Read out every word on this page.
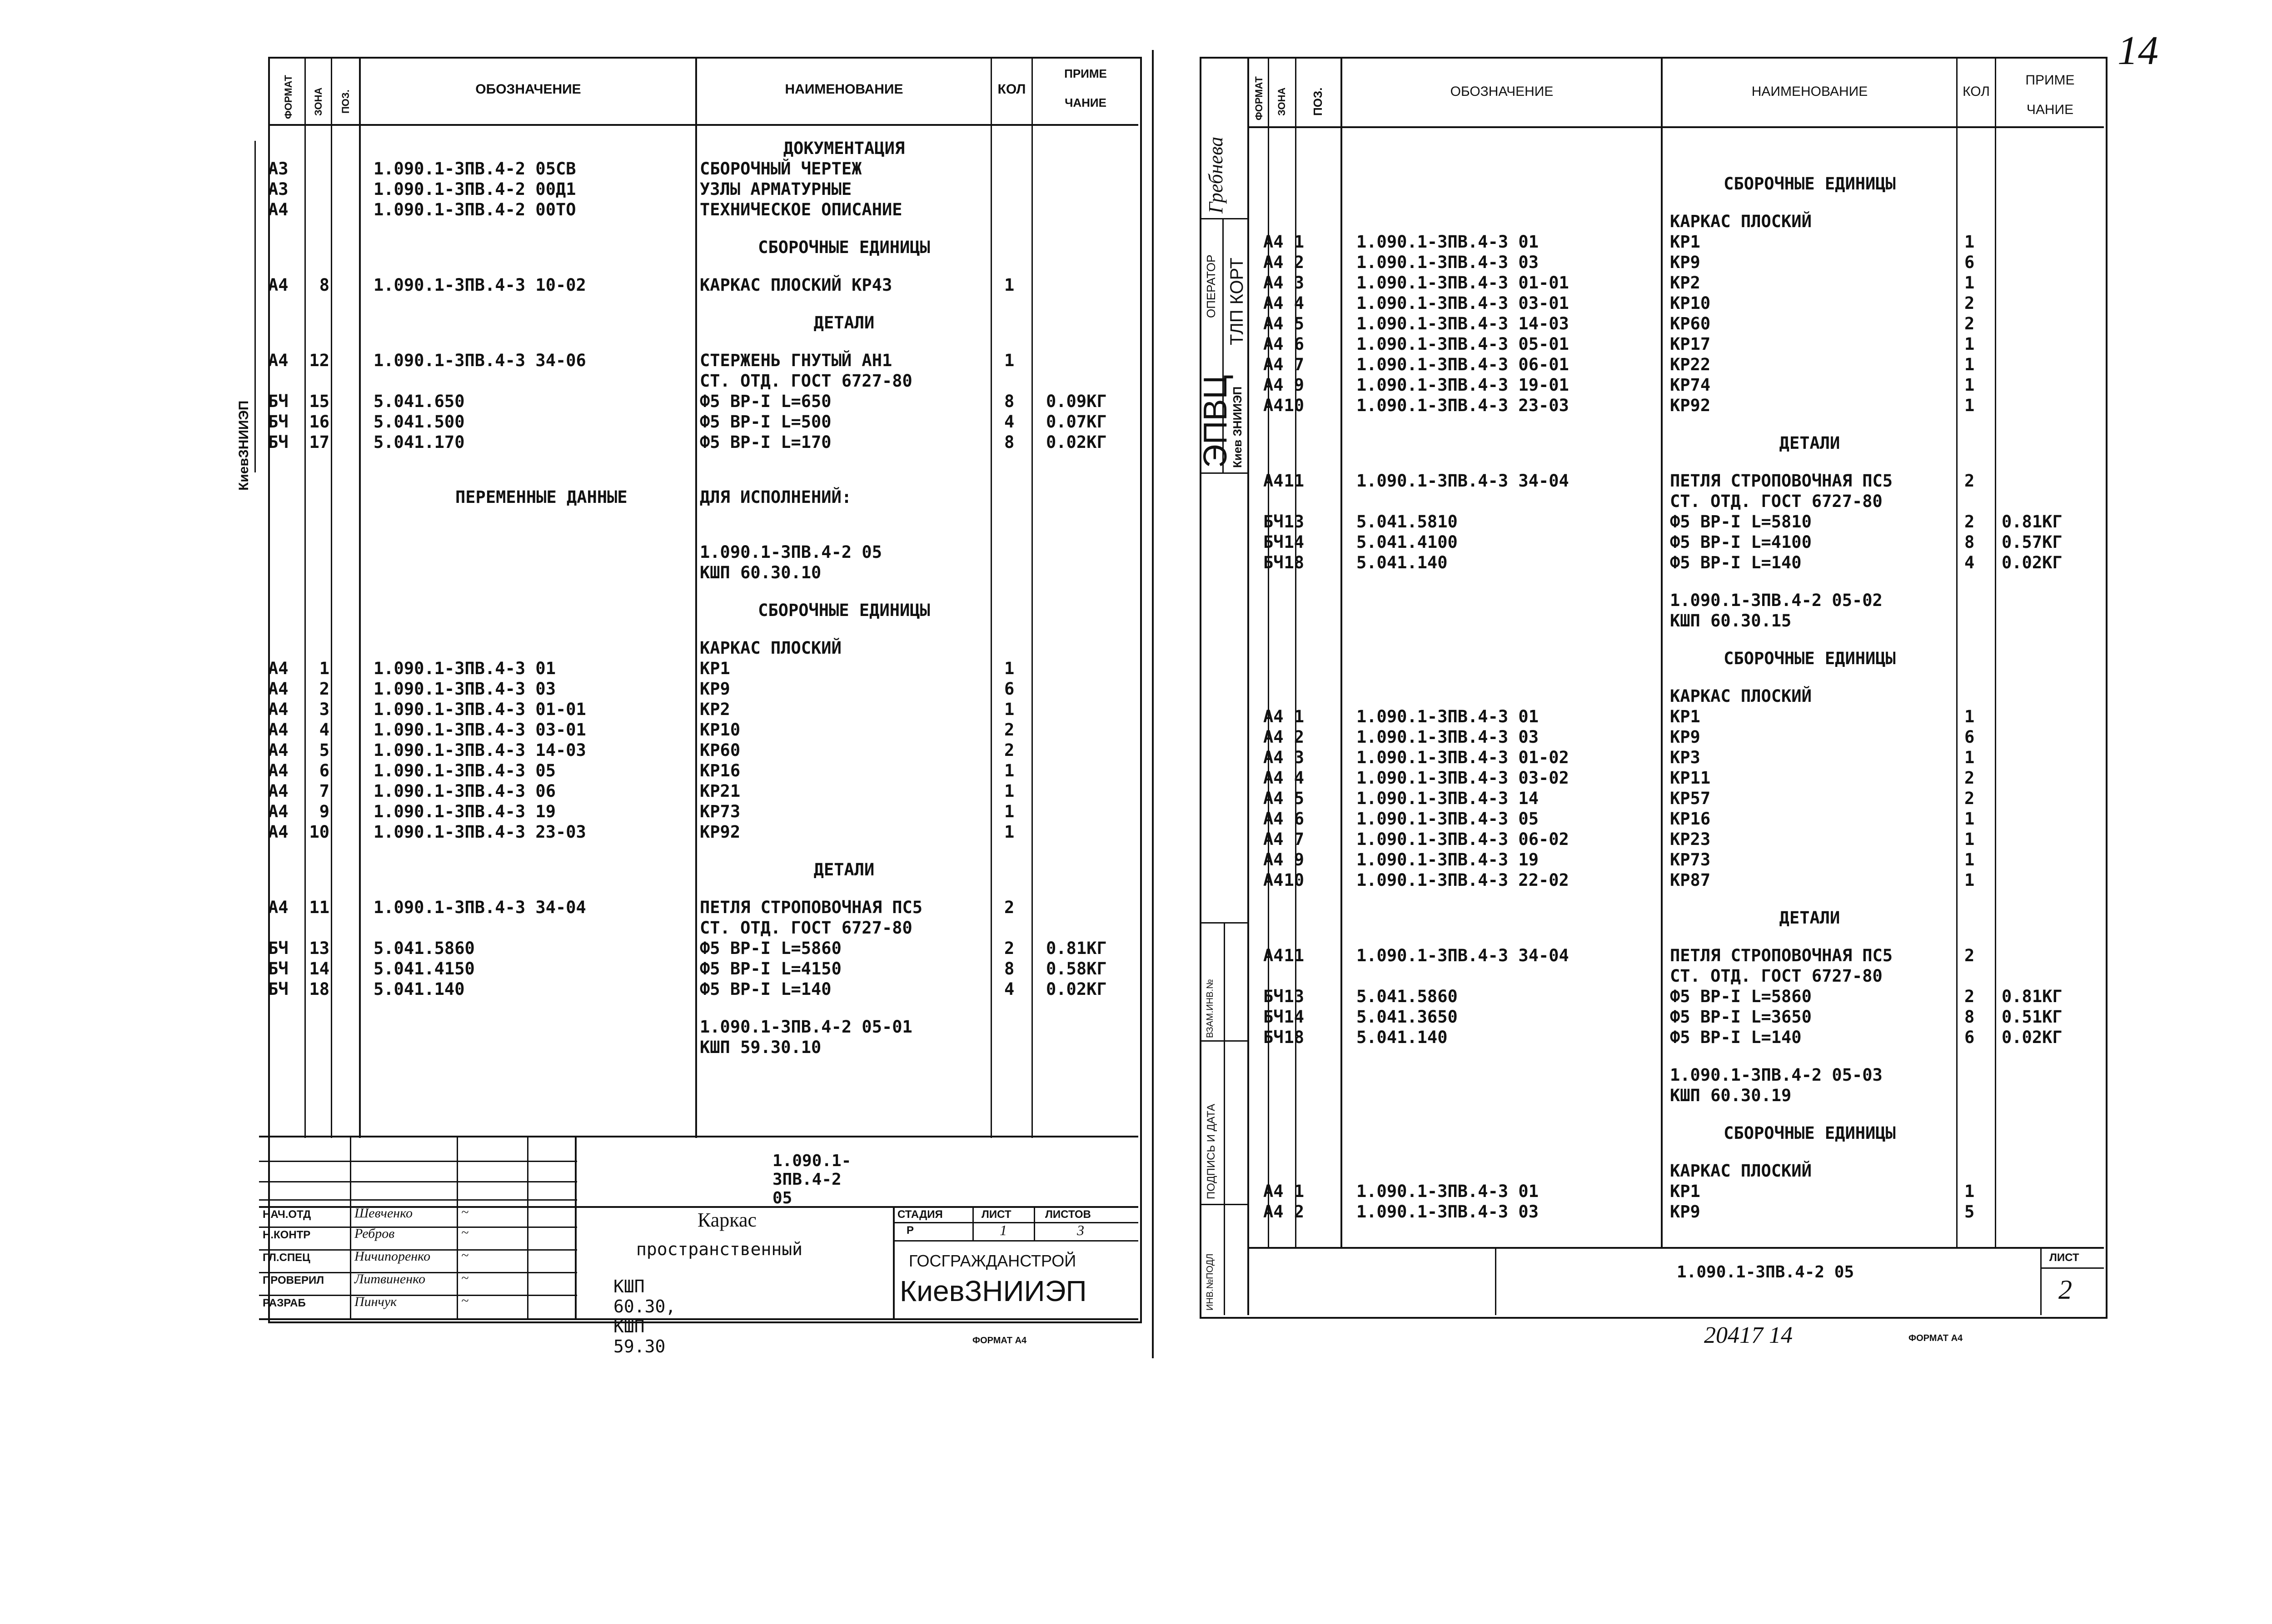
ФОРМАТ ЗОНА ПОЗ.
ОБОЗНАЧЕНИЕ	НАИМЕНОВАНИЕ	КОЛ
ПРИМЕ
ЧАНИЕ
ДОКУМЕНТАЦИЯ
А3	1.090.1-3ПВ.4-2 05СВ	СБОРОЧНЫЙ ЧЕРТЕЖ
А3	1.090.1-3ПВ.4-2 00Д1	УЗЛЫ АРМАТУРНЫЕ
А4	1.090.1-3ПВ.4-2 00ТО	ТЕХНИЧЕСКОЕ ОПИСАНИЕ
СБОРОЧНЫЕ ЕДИНИЦЫ
А4	8	1.090.1-3ПВ.4-3 10-02	КАРКАС ПЛОСКИЙ КР43	1
ДЕТАЛИ
А4 12	1.090.1-3ПВ.4-3 34-06	СТЕРЖЕНЬ ГНУТЫЙ АН1	1
СТ. ОТД. ГОСТ 6727-80
БЧ 15	5.041.650	Ф5 ВР-I L=650	8 0.09КГ
БЧ 16	5.041.500	Ф5 ВР-I L=500	4 0.07КГ
БЧ 17	5.041.170	Ф5 ВР-I L=170	8 0.02КГ
ПЕРЕМЕННЫЕ ДАННЫЕ	ДЛЯ ИСПОЛНЕНИЙ:
1.090.1-3ПВ.4-2 05
КШП 60.30.10
СБОРОЧНЫЕ ЕДИНИЦЫ
КАРКАС ПЛОСКИЙ
А4	1	1.090.1-3ПВ.4-3 01	КР1	1
А4	2	1.090.1-3ПВ.4-3 03	КР9	6
А4	3	1.090.1-3ПВ.4-3 01-01	КР2	1
А4	4	1.090.1-3ПВ.4-3 03-01	КР10	2
А4	5	1.090.1-3ПВ.4-3 14-03	КР60	2
А4	6	1.090.1-3ПВ.4-3 05	КР16	1
А4	7	1.090.1-3ПВ.4-3 06	КР21	1
А4	9	1.090.1-3ПВ.4-3 19	КР73	1
А4 10	1.090.1-3ПВ.4-3 23-03	КР92	1
ДЕТАЛИ
А4 11	1.090.1-3ПВ.4-3 34-04	ПЕТЛЯ СТРОПОВОЧНАЯ ПС5	2
СТ. ОТД. ГОСТ 6727-80
БЧ 13	5.041.5860	Ф5 ВР-I L=5860	2 0.81КГ
БЧ 14	5.041.4150	Ф5 ВР-I L=4150	8 0.58КГ
БЧ 18	5.041.140	Ф5 ВР-I L=140	4 0.02КГ
1.090.1-3ПВ.4-2 05-01
КШП 59.30.10
1.090.1-3ПВ.4-2 05
Каркас
пространственный
КШП 60.30, КШП 59.30
СТАДИЯ	ЛИСТ	ЛИСТОВ
Р	1	3
ГОСГРАЖДАНСТРОЙ
КиевЗНИИЭП
НАЧ.ОТД	Шевченко	~
Н.КОНТР	Ребров	~
ГЛ.СПЕЦ	Ничипоренко ~
ПРОВЕРИЛ Литвиненко	~
РАЗРАБ	Пинчук	~
ФОРМАТ А4
КиевЗНИИЭП
ФОРМАТ ЗОНА ПОЗ.	ОБОЗНАЧЕНИЕ	НАИМЕНОВАНИЕ	КОЛ
ПРИМЕ
ЧАНИЕ
СБОРОЧНЫЕ ЕДИНИЦЫ
КАРКАС ПЛОСКИЙ
А4 1	1.090.1-3ПВ.4-3 01	КР1	1
А4 2	1.090.1-3ПВ.4-3 03	КР9	6
А4 3	1.090.1-3ПВ.4-3 01-01	КР2	1
А4 4	1.090.1-3ПВ.4-3 03-01	КР10	2
А4 5	1.090.1-3ПВ.4-3 14-03	КР60	2
А4 6	1.090.1-3ПВ.4-3 05-01	КР17	1
А4 7	1.090.1-3ПВ.4-3 06-01	КР22	1
А4 9	1.090.1-3ПВ.4-3 19-01	КР74	1
А4 10	1.090.1-3ПВ.4-3 23-03	КР92	1
ДЕТАЛИ
А4 11	1.090.1-3ПВ.4-3 34-04	ПЕТЛЯ СТРОПОВОЧНАЯ ПС5	2
СТ. ОТД. ГОСТ 6727-80
БЧ 13	5.041.5810	Ф5 ВР-I L=5810	2 0.81КГ
БЧ 14	5.041.4100	Ф5 ВР-I L=4100	8 0.57КГ
БЧ 18	5.041.140	Ф5 ВР-I L=140	4 0.02КГ
1.090.1-3ПВ.4-2 05-02
КШП 60.30.15
СБОРОЧНЫЕ ЕДИНИЦЫ
КАРКАС ПЛОСКИЙ
А4 1	1.090.1-3ПВ.4-3 01	КР1	1
А4 2	1.090.1-3ПВ.4-3 03	КР9	6
А4 3	1.090.1-3ПВ.4-3 01-02	КР3	1
А4 4	1.090.1-3ПВ.4-3 03-02	КР11	2
А4 5	1.090.1-3ПВ.4-3 14	КР57	2
А4 6	1.090.1-3ПВ.4-3 05	КР16	1
А4 7	1.090.1-3ПВ.4-3 06-02	КР23	1
А4 9	1.090.1-3ПВ.4-3 19	КР73	1
А4 10	1.090.1-3ПВ.4-3 22-02	КР87	1
ДЕТАЛИ
А4 11	1.090.1-3ПВ.4-3 34-04	ПЕТЛЯ СТРОПОВОЧНАЯ ПС5	2
СТ. ОТД. ГОСТ 6727-80
БЧ 13	5.041.5860	Ф5 ВР-I L=5860	2 0.81КГ
БЧ 14	5.041.3650	Ф5 ВР-I L=3650	8 0.51КГ
БЧ 18	5.041.140	Ф5 ВР-I L=140	6 0.02КГ
1.090.1-3ПВ.4-2 05-03
КШП 60.30.19
СБОРОЧНЫЕ ЕДИНИЦЫ
КАРКАС ПЛОСКИЙ
А4 1	1.090.1-3ПВ.4-3 01	КР1	1
А4 2	1.090.1-3ПВ.4-3 03	КР9	5
ОПЕРАТОР
Гребнева
ТЛП КОРТ
ЭПВЦ
Киев ЗНИИЭП
ВЗАМ.ИНВ.№
ПОДПИСЬ И ДАТА
ИНВ.№ПОДЛ	1.090.1-3ПВ.4-2 05
ЛИСТ
2
20417 14	ФОРМАТ А4
14
